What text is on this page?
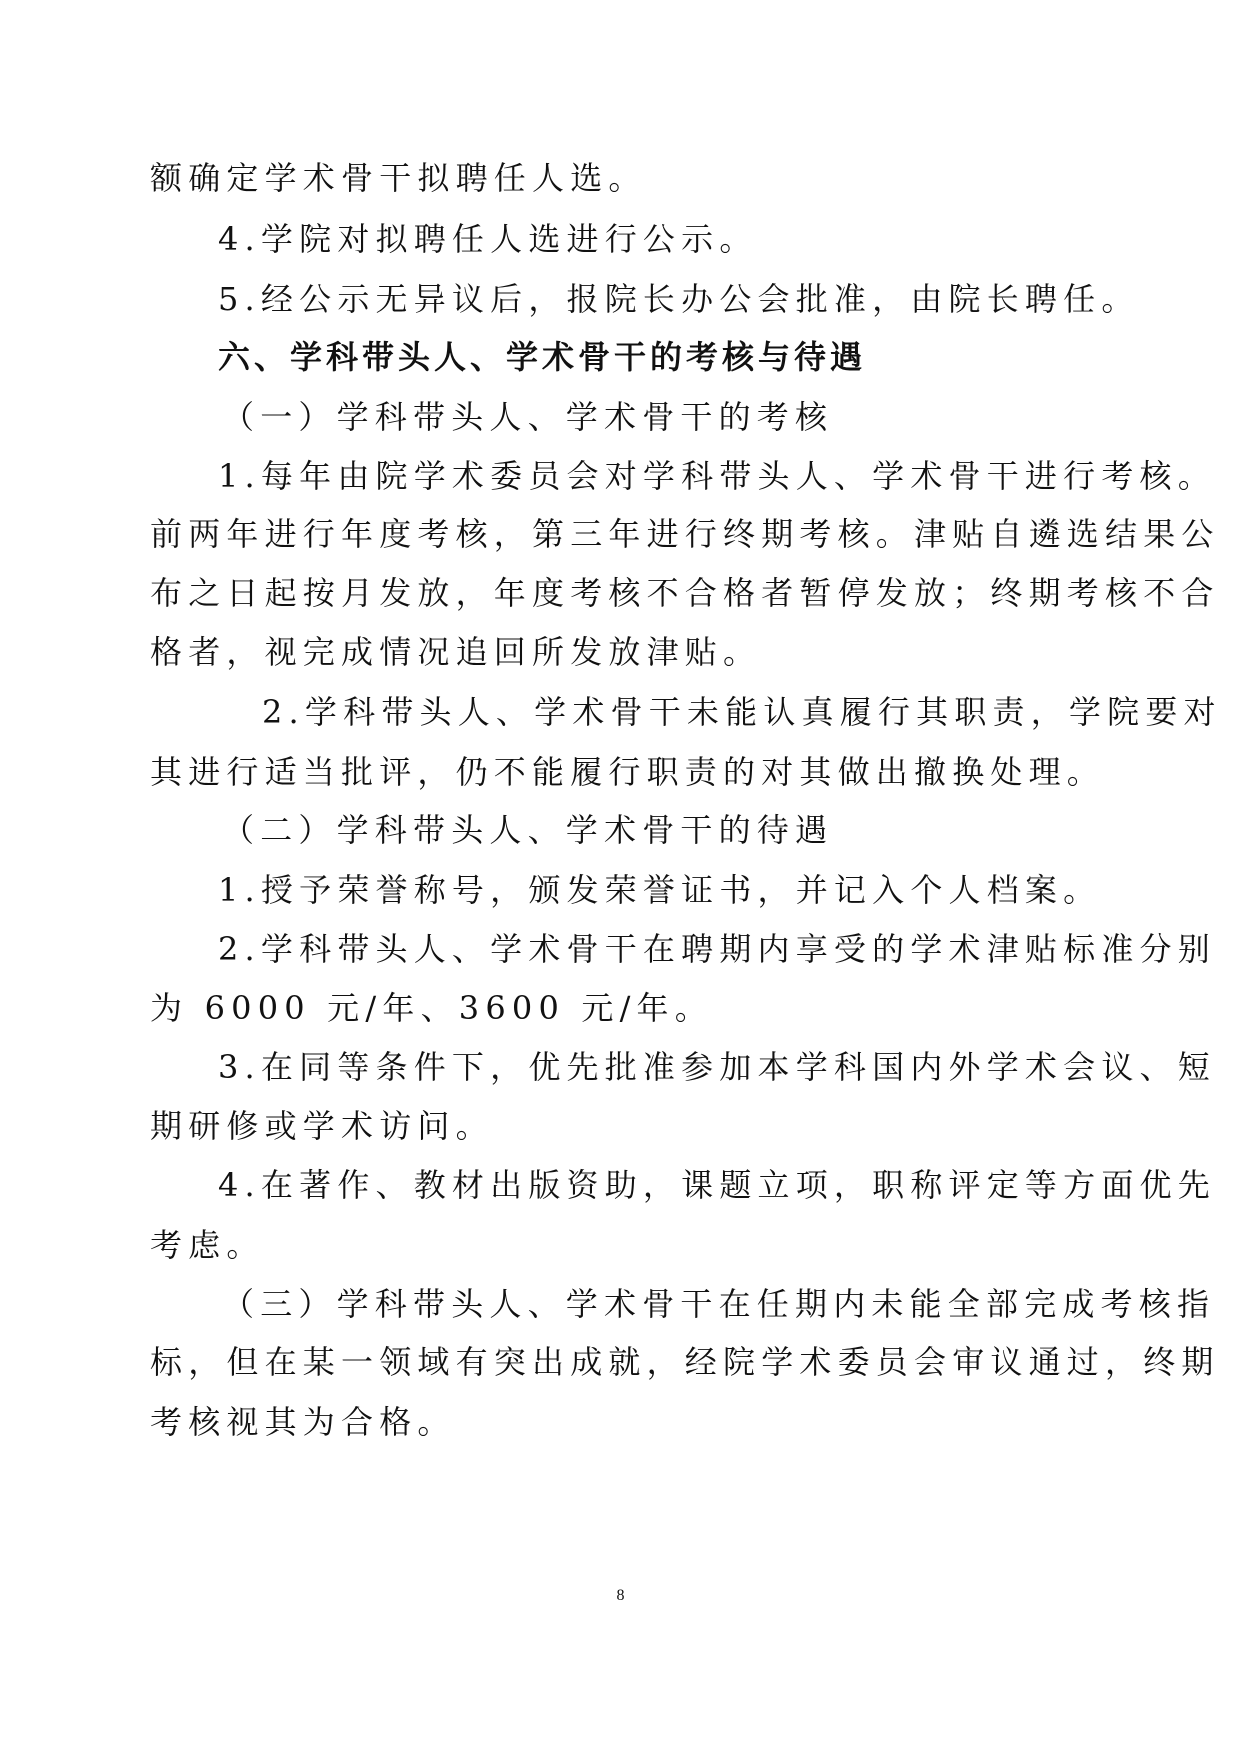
额确定学术骨干拟聘任人选。
4.学院对拟聘任人选进行公示。
5.经公示无异议后，报院长办公会批准，由院长聘任。
六、学科带头人、学术骨干的考核与待遇
（一）学科带头人、学术骨干的考核
1.每年由院学术委员会对学科带头人、学术骨干进行考核。
前两年进行年度考核，第三年进行终期考核。津贴自遴选结果公
布之日起按月发放，年度考核不合格者暂停发放；终期考核不合
格者，视完成情况追回所发放津贴。
2.学科带头人、学术骨干未能认真履行其职责，学院要对
其进行适当批评，仍不能履行职责的对其做出撤换处理。
（二）学科带头人、学术骨干的待遇
1.授予荣誉称号，颁发荣誉证书，并记入个人档案。
2.学科带头人、学术骨干在聘期内享受的学术津贴标准分别
为 6000 元/年、3600 元/年。
3.在同等条件下，优先批准参加本学科国内外学术会议、短
期研修或学术访问。
4.在著作、教材出版资助，课题立项，职称评定等方面优先
考虑。
（三）学科带头人、学术骨干在任期内未能全部完成考核指
标，但在某一领域有突出成就，经院学术委员会审议通过，终期
考核视其为合格。
8
